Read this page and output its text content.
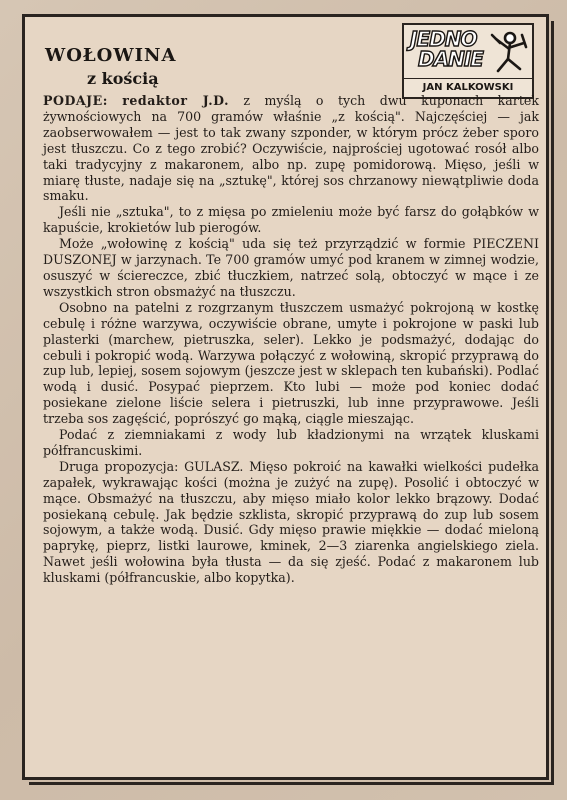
WOŁOWINA
z kością
JEDNO
DANIE
JAN KALKOWSKI

PODAJE: redaktor J.D. z myślą o tych dwu kuponach kartek żywnościowych na 700 gramów właśnie „z kością". Najczęściej — jak zaobserwowałem — jest to tak zwany szponder, w którym prócz żeber sporo jest tłuszczu. Co z tego zrobić? Oczywiście, najprościej ugotować rosół albo taki tradycyjny z makaronem, albo np. zupę pomidorową. Mięso, jeśli w miarę tłuste, nadaje się na „sztukę", której sos chrzanowy niewątpliwie doda smaku.

Jeśli nie „sztuka", to z mięsa po zmieleniu może być farsz do gołąbków w kapuście, krokietów lub pierogów.

Może „wołowinę z kością" uda się też przyrządzić w formie PIECZENI DUSZONEJ w jarzynach. Te 700 gramów umyć pod kranem w zimnej wodzie, osuszyć w ściereczce, zbić tłuczkiem, natrzeć solą, obtoczyć w mące i ze wszystkich stron obsmażyć na tłuszczu.

Osobno na patelni z rozgrzanym tłuszczem usmażyć pokrojoną w kostkę cebulę i różne warzywa, oczywiście obrane, umyte i pokrojone w paski lub plasterki (marchew, pietruszka, seler). Lekko je podsmażyć, dodając do cebuli i pokropić wodą. Warzywa połączyć z wołowiną, skropić przyprawą do zup lub, lepiej, sosem sojowym (jeszcze jest w sklepach ten kubański). Podlać wodą i dusić. Posypać pieprzem. Kto lubi — może pod koniec dodać posiekane zielone liście selera i pietruszki, lub inne przyprawowe. Jeśli trzeba sos zagęścić, poprószyć go mąką, ciągle mieszając.

Podać z ziemniakami z wody lub kładzionymi na wrzątek kluskami półfrancuskimi.

Druga propozycja: GULASZ. Mięso pokroić na kawałki wielkości pudełka zapałek, wykrawając kości (można je zużyć na zupę). Posolić i obtoczyć w mące. Obsmażyć na tłuszczu, aby mięso miało kolor lekko brązowy. Dodać posiekaną cebulę. Jak będzie szklista, skropić przyprawą do zup lub sosem sojowym, a także wodą. Dusić. Gdy mięso prawie miękkie — dodać mieloną paprykę, pieprz, listki laurowe, kminek, 2—3 ziarenka angielskiego ziela. Nawet jeśli wołowina była tłusta — da się zjeść. Podać z makaronem lub kluskami (półfrancuskie, albo kopytka).
